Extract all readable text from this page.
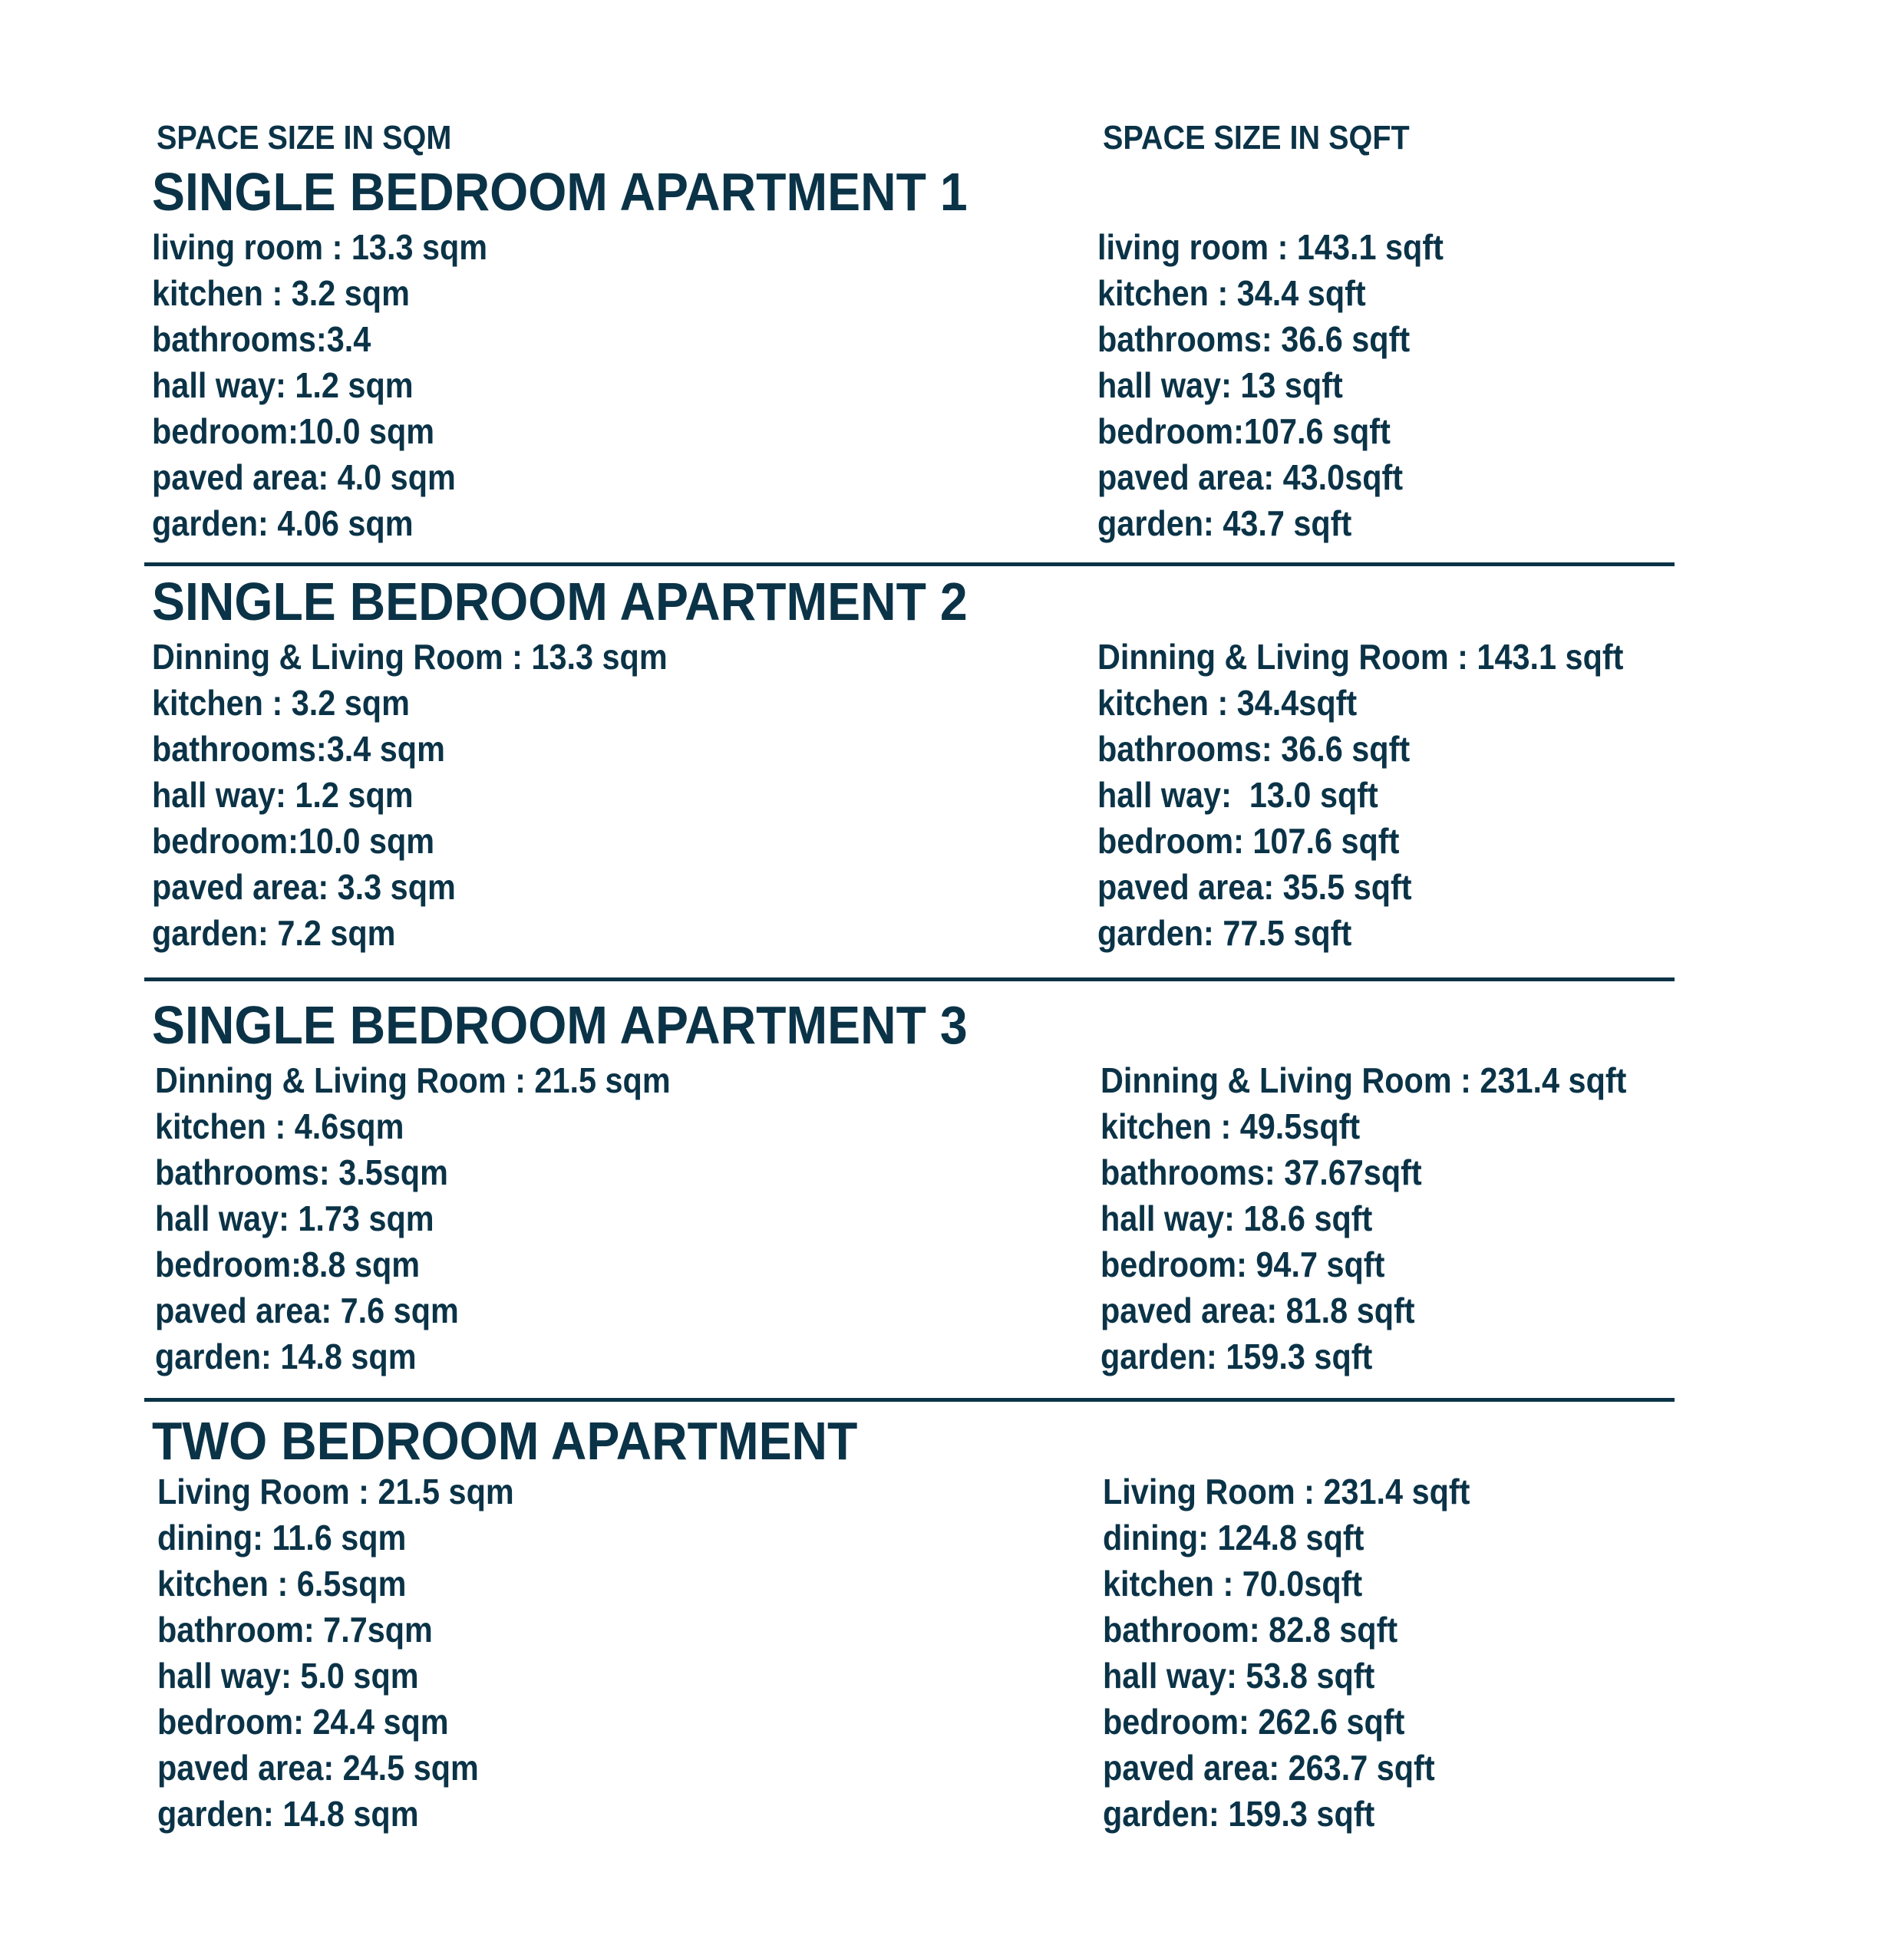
SPACE SIZE IN SQM	SPACE SIZE IN SQFT
SINGLE BEDROOM APARTMENT 1
living room : 13.3 sqm
kitchen : 3.2 sqm
bathrooms:3.4
hall way: 1.2 sqm
bedroom:10.0 sqm
paved area: 4.0 sqm
garden: 4.06 sqm
living room : 143.1 sqft
kitchen : 34.4 sqft
bathrooms: 36.6 sqft
hall way: 13 sqft
bedroom:107.6 sqft
paved area: 43.0sqft
garden: 43.7 sqft
SINGLE BEDROOM APARTMENT 2
Dinning & Living Room : 13.3 sqm
kitchen : 3.2 sqm
bathrooms:3.4 sqm
hall way: 1.2 sqm
bedroom:10.0 sqm
paved area: 3.3 sqm
garden: 7.2 sqm
Dinning & Living Room : 143.1 sqft
kitchen : 34.4sqft
bathrooms: 36.6 sqft
hall way:  13.0 sqft
bedroom: 107.6 sqft
paved area: 35.5 sqft
garden: 77.5 sqft
SINGLE BEDROOM APARTMENT 3
Dinning & Living Room : 21.5 sqm
kitchen : 4.6sqm
bathrooms: 3.5sqm
hall way: 1.73 sqm
bedroom:8.8 sqm
paved area: 7.6 sqm
garden: 14.8 sqm
Dinning & Living Room : 231.4 sqft
kitchen : 49.5sqft
bathrooms: 37.67sqft
hall way: 18.6 sqft
bedroom: 94.7 sqft
paved area: 81.8 sqft
garden: 159.3 sqft
TWO BEDROOM APARTMENT
Living Room : 21.5 sqm
dining: 11.6 sqm
kitchen : 6.5sqm
bathroom: 7.7sqm
hall way: 5.0 sqm
bedroom: 24.4 sqm
paved area: 24.5 sqm
garden: 14.8 sqm
Living Room : 231.4 sqft
dining: 124.8 sqft
kitchen : 70.0sqft
bathroom: 82.8 sqft
hall way: 53.8 sqft
bedroom: 262.6 sqft
paved area: 263.7 sqft
garden: 159.3 sqft
